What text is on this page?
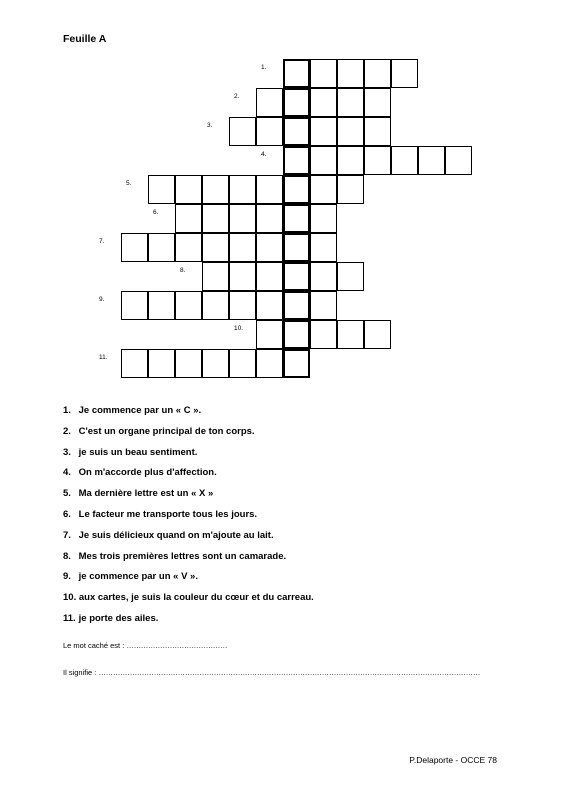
Feuille A
1.
2.
3.
4.
5.
6.
7.
8.
9.
10.
11.
1. Je commence par un « C ».
2. C'est un organe principal de ton corps.
3. je suis un beau sentiment.
4. On m'accorde plus d'affection.
5. Ma dernière lettre est un « X »
6. Le facteur me transporte tous les jours.
7. Je suis délicieux quand on m'ajoute au lait.
8. Mes trois premières lettres sont un camarade.
9. je commence par un « V ».
10. aux cartes, je suis la couleur du cœur et du carreau.
11. je porte des ailes.
Le mot caché est : ……………………………………
Il signifie : ……………………………………………………………………………………………………………………………………………
P.Delaporte - OCCE 78
